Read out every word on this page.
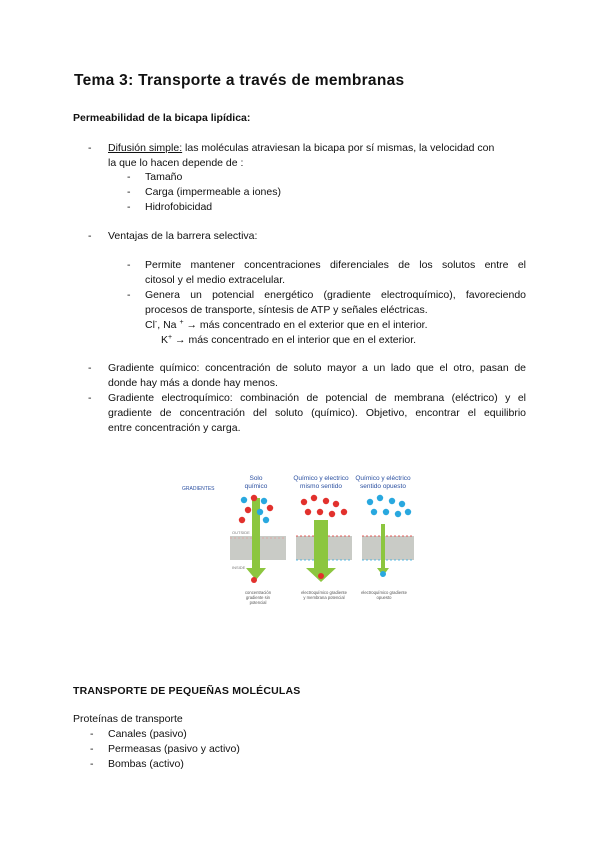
Tema 3: Transporte a través de membranas
Permeabilidad de la bicapa lipídica:
- Difusión simple: las moléculas atraviesan la bicapa por sí mismas, la velocidad con
la que lo hacen depende de :
- Tamaño
- Carga (impermeable a iones)
- Hidrofobicidad
- Ventajas de la barrera selectiva:
- Permite mantener concentraciones diferenciales de los solutos entre el
citosol y el medio extracelular.
- Genera un potencial energético (gradiente electroquímico), favoreciendo
procesos de transporte, síntesis de ATP y señales eléctricas.
Cl-, Na + → más concentrado en el exterior que en el interior.
K+ → más concentrado en el interior que en el exterior.
- Gradiente químico: concentración de soluto mayor a un lado que el otro, pasan de
donde hay más a donde hay menos.
- Gradiente electroquímico: combinación de potencial de membrana (eléctrico) y el
gradiente de concentración del soluto (químico). Objetivo, encontrar el equilibrio
entre concentración y carga.
GRADIENTES
Solo
químico
Químico y electrico
mismo sentido
Químico y eléctrico
sentido opuesto
OUTSIDE
INSIDE
concentración
gradiente sin
potencial
electroquímico gradiente
y membrana potencial
electroquímico gradiente
opuesto
TRANSPORTE DE PEQUEÑAS MOLÉCULAS
Proteínas de transporte
- Canales (pasivo)
- Permeasas (pasivo y activo)
- Bombas (activo)
